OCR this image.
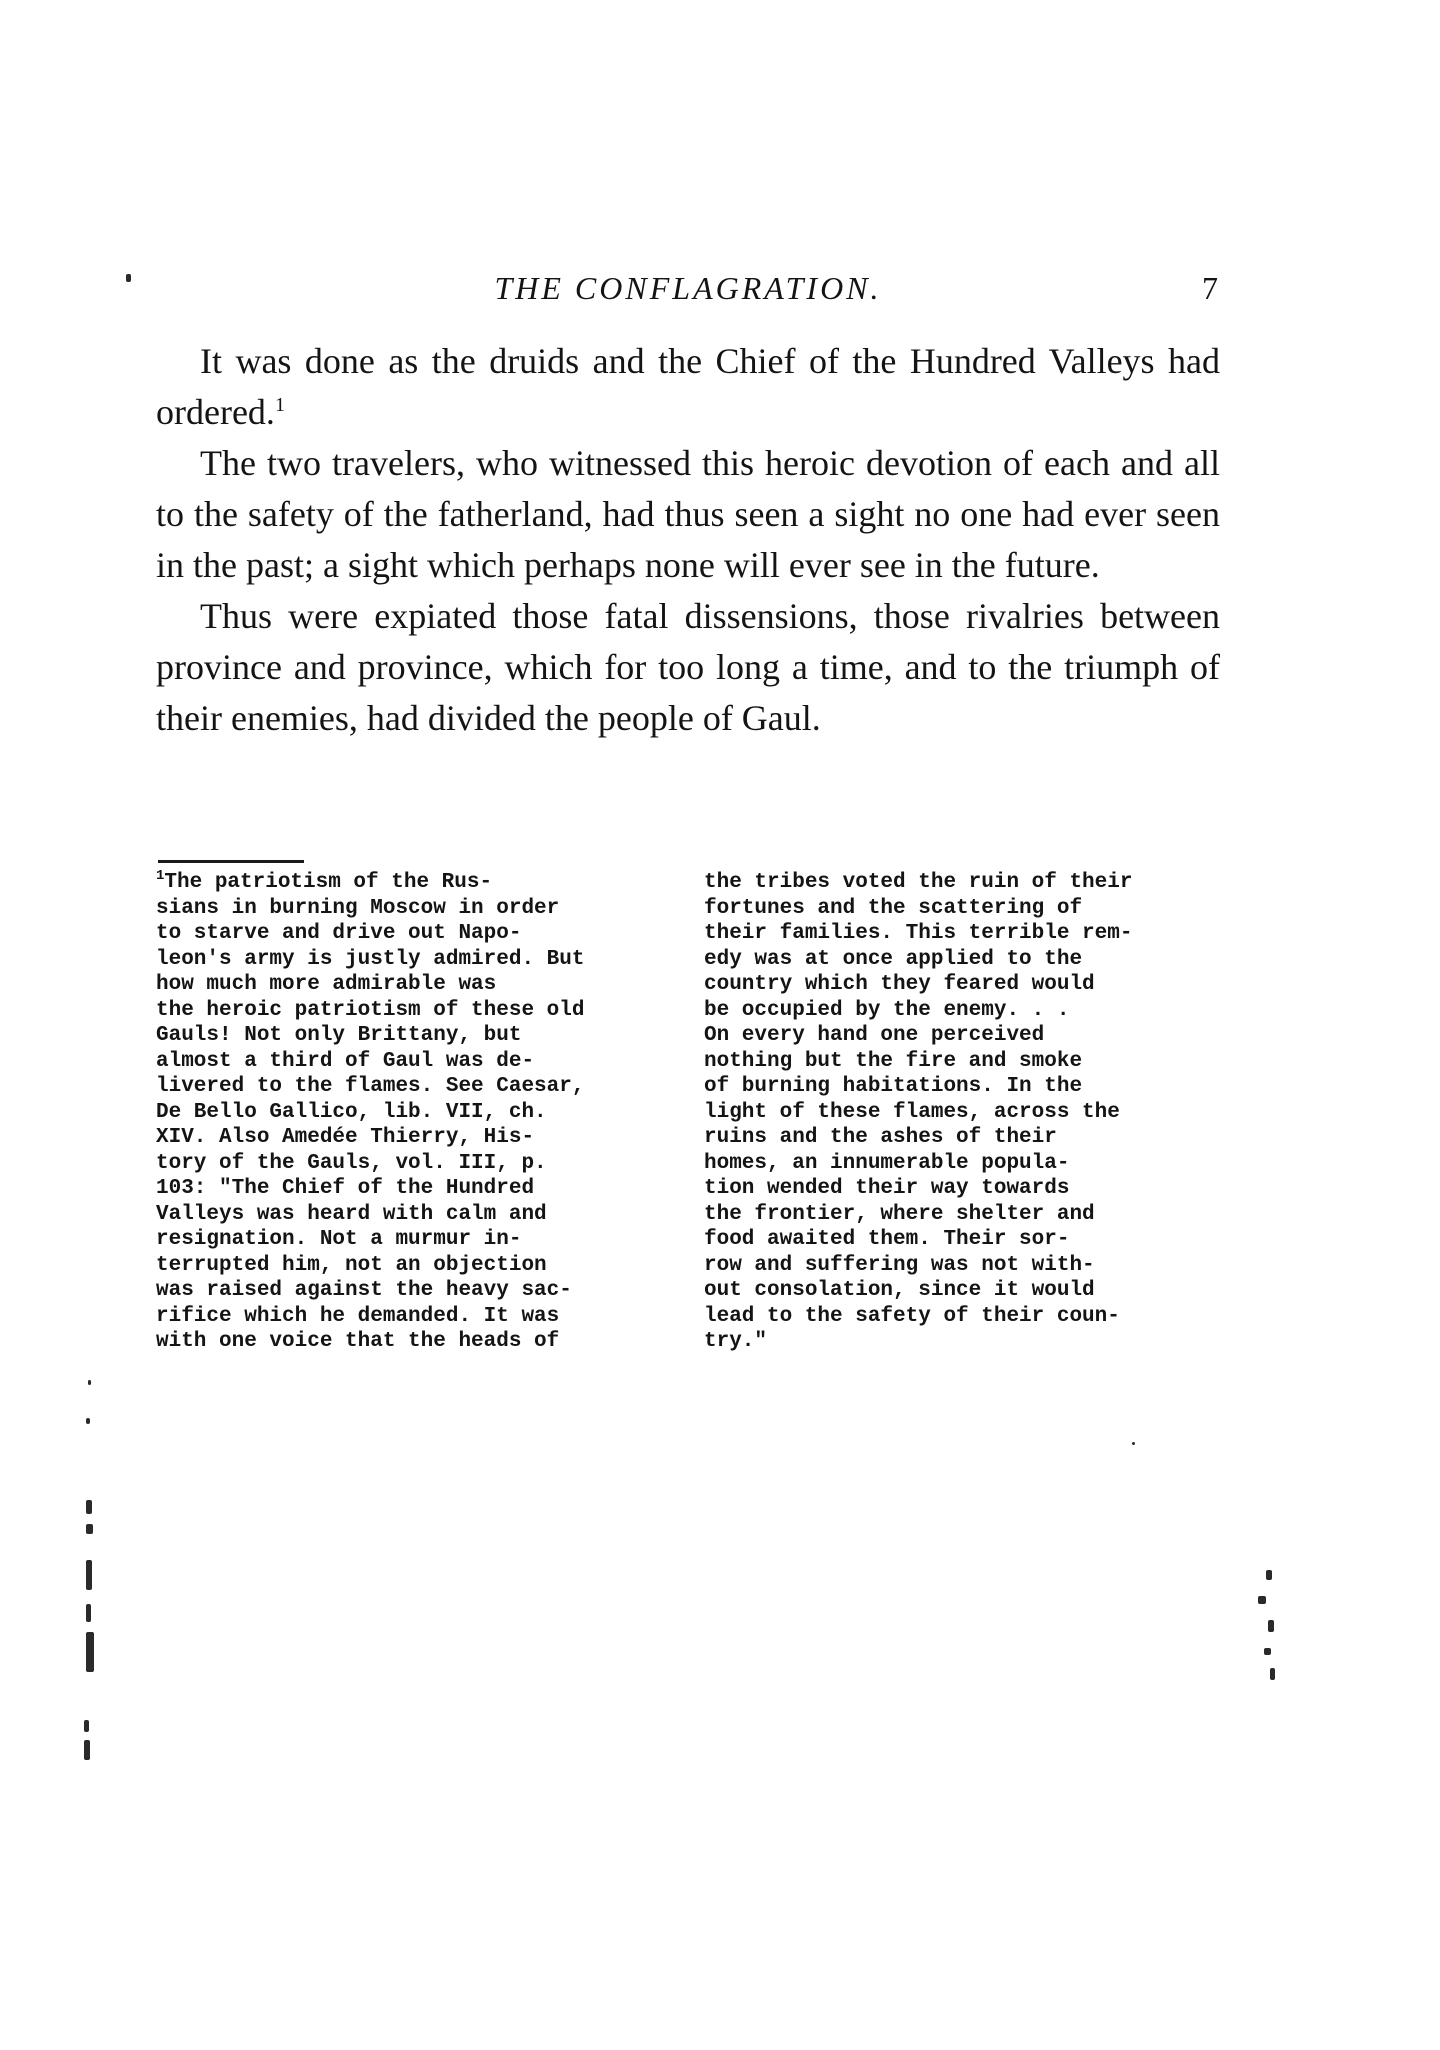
THE CONFLAGRATION.	7

It was done as the druids and the Chief of the Hundred Valleys had ordered.$^1$

The two travelers, who witnessed this heroic devotion of each and all to the safety of the fatherland, had thus seen a sight no one had ever seen in the past; a sight which perhaps none will ever see in the future.

Thus were expiated those fatal dissensions, those rivalries between province and province, which for too long a time, and to the triumph of their enemies, had divided the people of Gaul.

$^1$The patriotism of the Rus-
sians in burning Moscow in order
to starve and drive out Napo-
leon's army is justly admired. But
how much more admirable was
the heroic patriotism of these old
Gauls! Not only Brittany, but
almost a third of Gaul was de-
livered to the flames. See Caesar,
De Bello Gallico, lib. VII, ch.
XIV. Also Amedée Thierry, His-
tory of the Gauls, vol. III, p.
103: "The Chief of the Hundred
Valleys was heard with calm and
resignation. Not a murmur in-
terrupted him, not an objection
was raised against the heavy sac-
rifice which he demanded. It was
with one voice that the heads of
the tribes voted the ruin of their
fortunes and the scattering of
their families. This terrible rem-
edy was at once applied to the
country which they feared would
be occupied by the enemy. . .
On every hand one perceived
nothing but the fire and smoke
of burning habitations. In the
light of these flames, across the
ruins and the ashes of their
homes, an innumerable popula-
tion wended their way towards
the frontier, where shelter and
food awaited them. Their sor-
row and suffering was not with-
out consolation, since it would
lead to the safety of their coun-
try."
